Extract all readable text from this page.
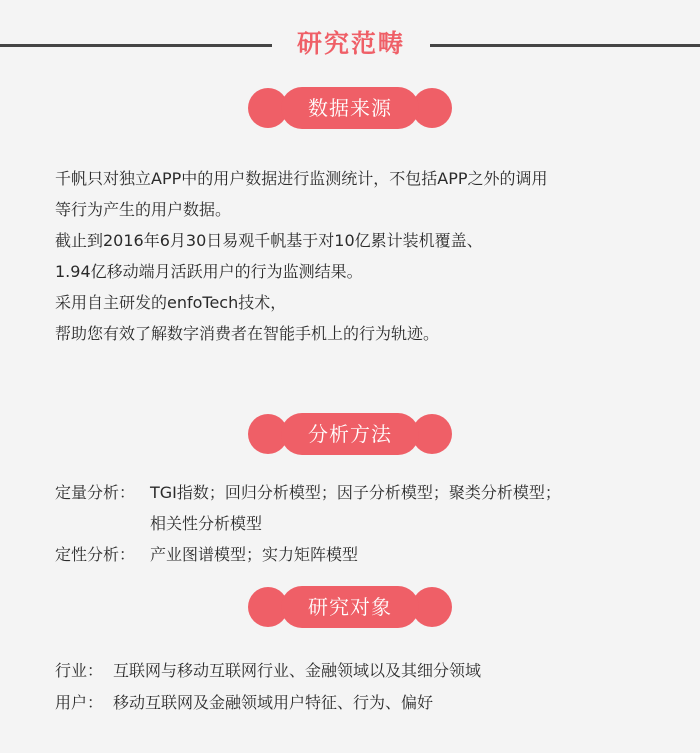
研究范畴
数据来源

千帆只对独立APP中的用户数据进行监测统计，不包括APP之外的调用

等行为产生的用户数据。

截止到2016年6月30日易观千帆基于对10亿累计装机覆盖、

1.94亿移动端月活跃用户的行为监测结果。

采用自主研发的enfoTech技术，

帮助您有效了解数字消费者在智能手机上的行为轨迹。

分析方法
定量分析： TGI指数；回归分析模型；因子分析模型；聚类分析模型；
相关性分析模型
定性分析： 产业图谱模型；实力矩阵模型
研究对象
行业： 互联网与移动互联网行业、金融领域以及其细分领域
用户： 移动互联网及金融领域用户特征、行为、偏好
